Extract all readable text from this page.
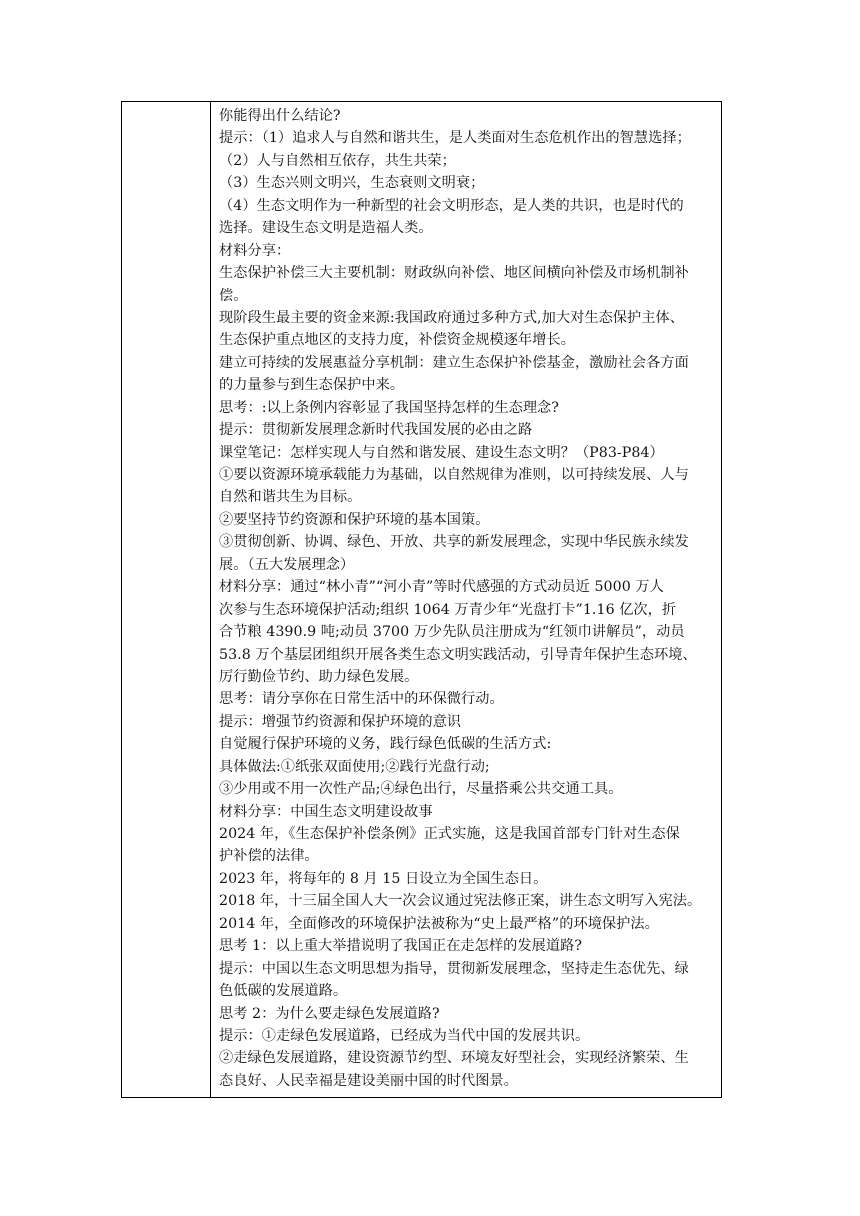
你能得出什么结论?
提示：（1）追求人与自然和谐共生，是人类面对生态危机作出的智慧选择；
（2）人与自然相互依存，共生共荣；
（3）生态兴则文明兴，生态衰则文明衰；
（4）生态文明作为一种新型的社会文明形态，是人类的共识，也是时代的
选择。建设生态文明是造福人类。
材料分享：
生态保护补偿三大主要机制：财政纵向补偿、地区间横向补偿及市场机制补
偿。
现阶段生最主要的资金来源:我国政府通过多种方式,加大对生态保护主体、
生态保护重点地区的支持力度，补偿资金规模逐年增长。
建立可持续的发展惠益分享机制：建立生态保护补偿基金，激励社会各方面
的力量参与到生态保护中来。
思考：:以上条例内容彰显了我国坚持怎样的生态理念?
提示：贯彻新发展理念新时代我国发展的必由之路
课堂笔记：怎样实现人与自然和谐发展、建设生态文明？（P83-P84）
①要以资源环境承载能力为基础，以自然规律为准则，以可持续发展、人与
自然和谐共生为目标。
②要坚持节约资源和保护环境的基本国策。
③贯彻创新、协调、绿色、开放、共享的新发展理念，实现中华民族永续发
展。（五大发展理念）
材料分享：通过“林小青”“河小青”等时代感强的方式动员近 5000 万人
次参与生态环境保护活动;组织 1064 万青少年“光盘打卡”1.16 亿次，折
合节粮 4390.9 吨;动员 3700 万少先队员注册成为“红领巾讲解员”，动员
53.8 万个基层团组织开展各类生态文明实践活动，引导青年保护生态环境、
厉行勤俭节约、助力绿色发展。
思考：请分享你在日常生活中的环保微行动。
提示：增强节约资源和保护环境的意识
自觉履行保护环境的义务，践行绿色低碳的生活方式:
具体做法:①纸张双面使用;②践行光盘行动;
③少用或不用一次性产品;④绿色出行，尽量搭乘公共交通工具。
材料分享：中国生态文明建设故事
2024 年，《生态保护补偿条例》正式实施，这是我国首部专门针对生态保
护补偿的法律。
2023 年，将每年的 8 月 15 日设立为全国生态日。
2018 年，十三届全国人大一次会议通过宪法修正案，讲生态文明写入宪法。
2014 年，全面修改的环境保护法被称为“史上最严格”的环境保护法。
思考 1：以上重大举措说明了我国正在走怎样的发展道路?
提示：中国以生态文明思想为指导，贯彻新发展理念，坚持走生态优先、绿
色低碳的发展道路。
思考 2：为什么要走绿色发展道路?
提示：①走绿色发展道路，已经成为当代中国的发展共识。
②走绿色发展道路，建设资源节约型、环境友好型社会，实现经济繁荣、生
态良好、人民幸福是建设美丽中国的时代图景。
